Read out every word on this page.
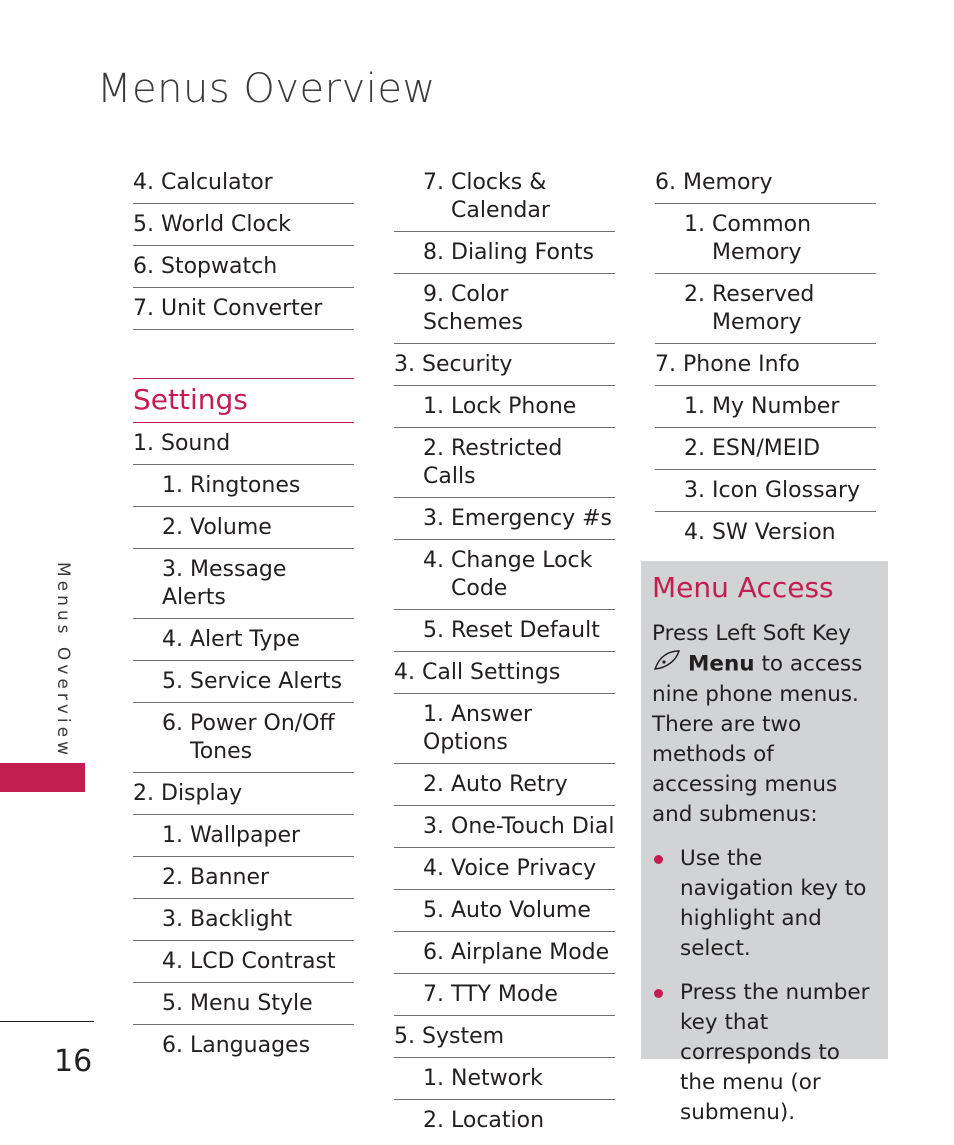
Menus Overview
4. Calculator
5. World Clock
6. Stopwatch
7. Unit Converter
Settings
1. Sound
1. Ringtones
2. Volume
3. Message Alerts
4. Alert Type
5. Service Alerts
6. Power On/Off
Tones
2. Display
1. Wallpaper
2. Banner
3. Backlight
4. LCD Contrast
5. Menu Style
6. Languages
7. Clocks &
Calendar
8. Dialing Fonts
9. Color Schemes
3. Security
1. Lock Phone
2. Restricted Calls
3. Emergency #s
4. Change Lock
Code
5. Reset Default
4. Call Settings
1. Answer Options
2. Auto Retry
3. One-Touch Dial
4. Voice Privacy
5. Auto Volume
6. Airplane Mode
7. TTY Mode
5. System
1. Network
2. Location
6. Memory
1. Common
Memory
2. Reserved
Memory
7. Phone Info
1. My Number
2. ESN/MEID
3. Icon Glossary
4. SW Version
Menu Access

Press Left Soft Key
Menu to access nine phone menus. There are two methods of accessing menus and submenus:

Use the navigation key to highlight and select.
Press the number key that corresponds to the menu (or submenu).
Menus Overview
16
